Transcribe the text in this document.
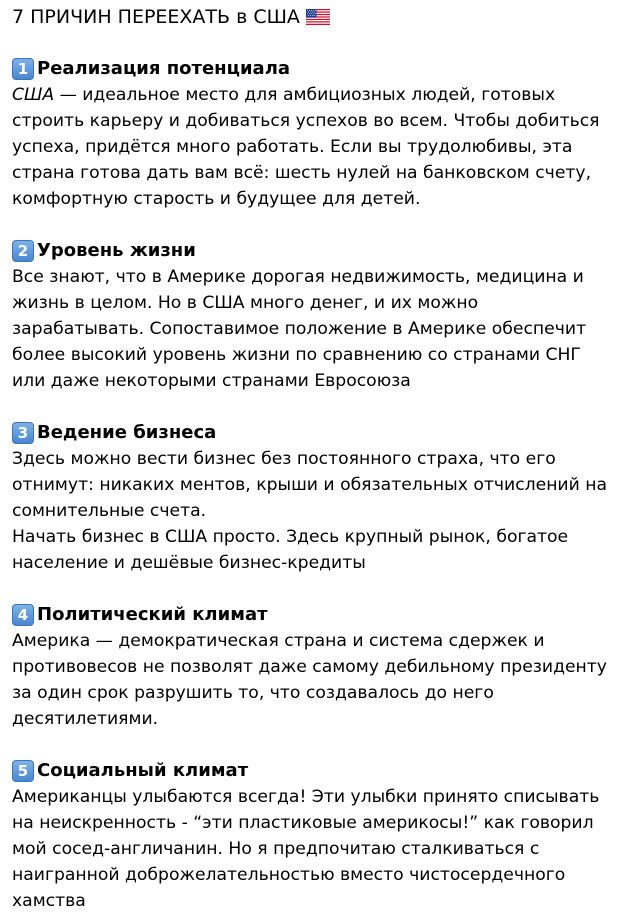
7 ПРИЧИН ПЕРЕЕХАТЬ в США
1 Реализация потенциала

США — идеальное место для амбициозных людей, готовых

строить карьеру и добиваться успехов во всем. Чтобы добиться

успеха, придётся много работать. Если вы трудолюбивы, эта

страна готова дать вам всё: шесть нулей на банковском счету,

комфортную старость и будущее для детей.

2 Уровень жизни

Все знают, что в Америке дорогая недвижимость, медицина и

жизнь в целом. Но в США много денег, и их можно

зарабатывать. Сопоставимое положение в Америке обеспечит

более высокий уровень жизни по сравнению со странами СНГ

или даже некоторыми странами Евросоюза

3 Ведение бизнеса

Здесь можно вести бизнес без постоянного страха, что его

отнимут: никаких ментов, крыши и обязательных отчислений на

сомнительные счета.

Начать бизнес в США просто. Здесь крупный рынок, богатое

население и дешёвые бизнес-кредиты

4 Политический климат

Америка — демократическая страна и система сдержек и

противовесов не позволят даже самому дебильному президенту

за один срок разрушить то, что создавалось до него

десятилетиями.

5 Социальный климат

Американцы улыбаются всегда! Эти улыбки принято списывать

на неискренность - “эти пластиковые америкосы!” как говорил

мой сосед-англичанин. Но я предпочитаю сталкиваться с

наигранной доброжелательностью вместо чистосердечного

хамства
